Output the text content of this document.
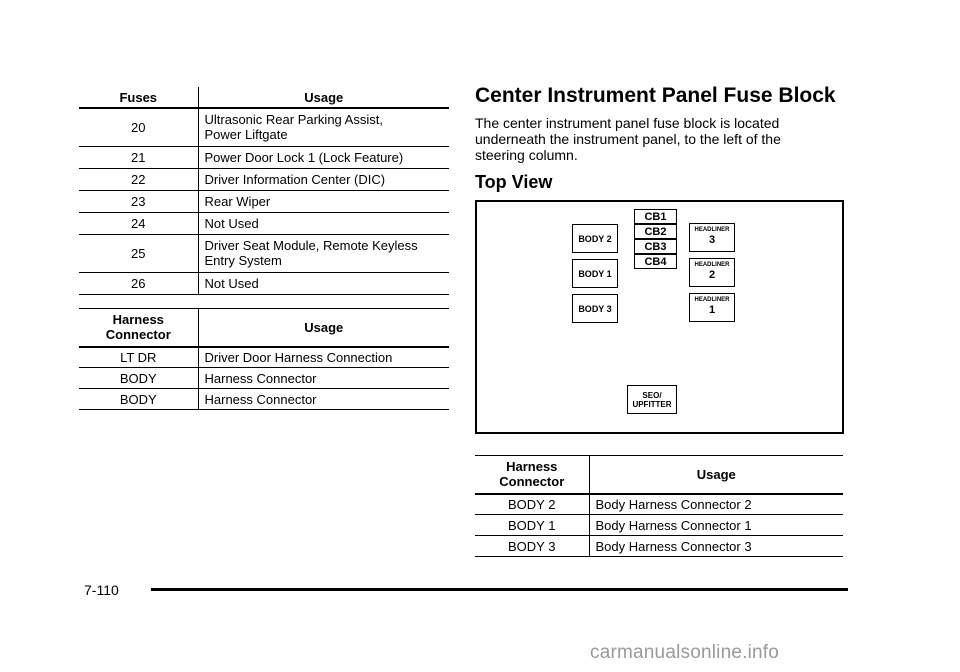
Fuses	Usage
20	Ultrasonic Rear Parking Assist,
Power Liftgate
21	Power Door Lock 1 (Lock Feature)
22	Driver Information Center (DIC)
23	Rear Wiper
24	Not Used
25	Driver Seat Module, Remote Keyless
Entry System
26	Not Used
Harness
Connector	Usage
LT DR	Driver Door Harness Connection
BODY	Harness Connector
BODY	Harness Connector
Center Instrument Panel Fuse Block

The center instrument panel fuse block is located underneath the instrument panel, to the left of the steering column.

Top View
BODY 2
BODY 1
BODY 3
CB1
CB2
CB3
CB4
HEADLINER
3
HEADLINER
2
HEADLINER
1
SEO/
UPFITTER
Harness
Connector	Usage
BODY 2	Body Harness Connector 2
BODY 1	Body Harness Connector 1
BODY 3	Body Harness Connector 3
7-110
carmanualsonline.info
